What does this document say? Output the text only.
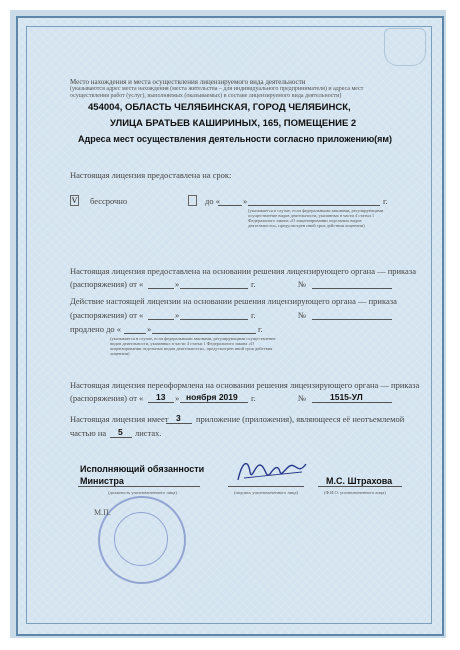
Место нахождения и места осуществления лицензируемого вида деятельности
(указываются адрес места нахождения (места жительства – для индивидуального предпринимателя) и адреса мест осуществления работ (услуг), выполняемых (оказываемых) в составе лицензируемого вида деятельности)
454004, ОБЛАСТЬ ЧЕЛЯБИНСКАЯ, ГОРОД ЧЕЛЯБИНСК,
УЛИЦА БРАТЬЕВ КАШИРИНЫХ, 165, ПОМЕЩЕНИЕ 2
Адреса мест осуществления деятельности согласно приложению(ям)
Настоящая лицензия предоставлена на срок:
V бессрочно	до «	»	г.
(указывается в случае, если федеральными законами, регулирующими осуществление видов деятельности, указанных в части 4 статьи 1 Федерального закона «О лицензировании отдельных видов деятельности», предусмотрен иной срок действия лицензии)
Настоящая лицензия предоставлена на основании решения лицензирующего органа — приказа
(распоряжения) от «	»	г.	№
Действие настоящей лицензии на основании решения лицензирующего органа — приказа
(распоряжения) от «	»	г.	№
продлено до «	»	г.
(указывается в случае, если федеральными законами, регулирующими осуществление видов деятельности, указанных в части 4 статьи 1 Федерального закона «О лицензировании отдельных видов деятельности», предусмотрен иной срок действия лицензии)
Настоящая лицензия переоформлена на основании решения лицензирующего органа — приказа
(распоряжения) от « 13 » ноября 2019 г.	№	1515-УЛ
Настоящая лицензия имеет 3 приложение (приложения), являющееся её неотъемлемой
частью на 5 листах.
Исполняющий обязанности
Министра
(должность уполномоченного лица)	(подпись уполномоченного лица)
М.С. Штрахова
(Ф.И.О. уполномоченного лица)
М.П.
